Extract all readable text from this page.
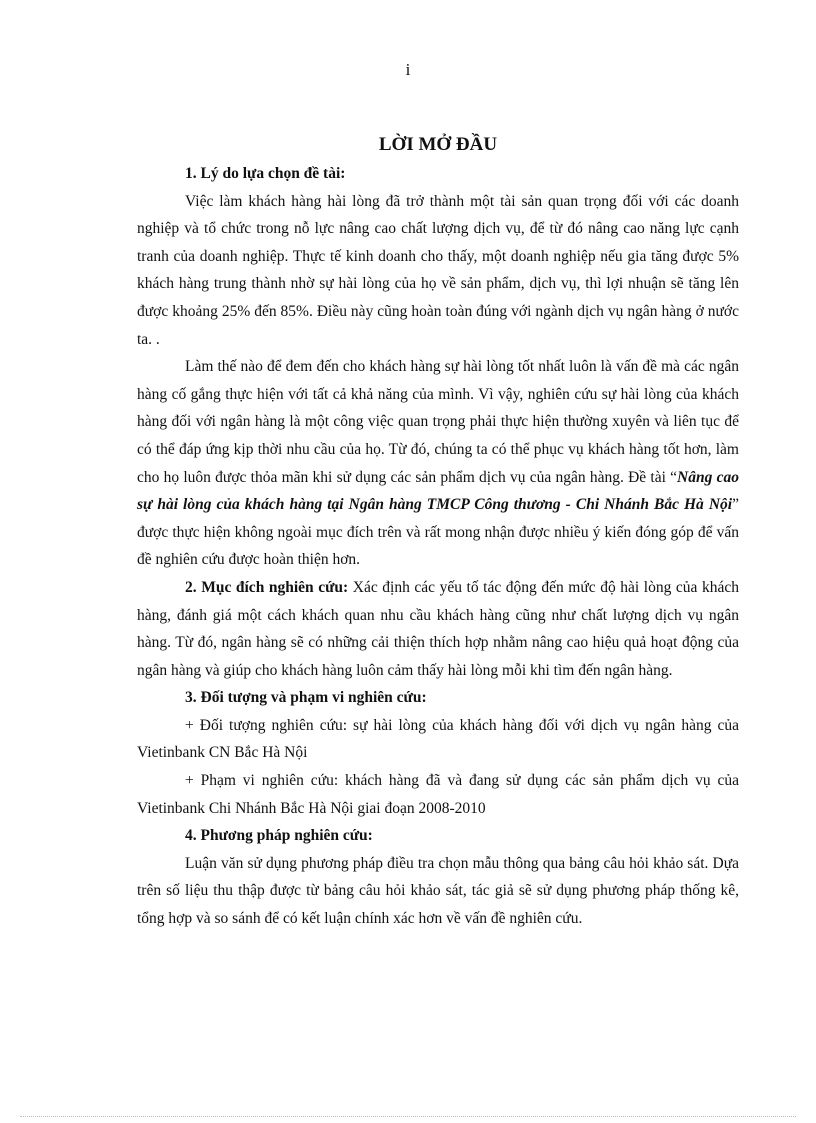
i
LỜI MỞ ĐẦU

1. Lý do lựa chọn đề tài:

Việc làm khách hàng hài lòng đã trở thành một tài sản quan trọng đối với các doanh nghiệp và tổ chức trong nỗ lực nâng cao chất lượng dịch vụ, để từ đó nâng cao năng lực cạnh tranh của doanh nghiệp. Thực tế kinh doanh cho thấy, một doanh nghiệp nếu gia tăng được 5% khách hàng trung thành nhờ sự hài lòng của họ về sản phẩm, dịch vụ, thì lợi nhuận sẽ tăng lên được khoảng 25% đến 85%. Điều này cũng hoàn toàn đúng với ngành dịch vụ ngân hàng ở nước ta. .

Làm thế nào để đem đến cho khách hàng sự hài lòng tốt nhất luôn là vấn đề mà các ngân hàng cố gắng thực hiện với tất cả khả năng của mình. Vì vậy, nghiên cứu sự hài lòng của khách hàng đối với ngân hàng là một công việc quan trọng phải thực hiện thường xuyên và liên tục để có thể đáp ứng kịp thời nhu cầu của họ. Từ đó, chúng ta có thể phục vụ khách hàng tốt hơn, làm cho họ luôn được thỏa mãn khi sử dụng các sản phẩm dịch vụ của ngân hàng. Đề tài “Nâng cao sự hài lòng của khách hàng tại Ngân hàng TMCP Công thương - Chi Nhánh Bắc Hà Nội” được thực hiện không ngoài mục đích trên và rất mong nhận được nhiều ý kiến đóng góp để vấn đề nghiên cứu được hoàn thiện hơn.

2. Mục đích nghiên cứu: Xác định các yếu tố tác động đến mức độ hài lòng của khách hàng, đánh giá một cách khách quan nhu cầu khách hàng cũng như chất lượng dịch vụ ngân hàng. Từ đó, ngân hàng sẽ có những cải thiện thích hợp nhằm nâng cao hiệu quả hoạt động của ngân hàng và giúp cho khách hàng luôn cảm thấy hài lòng mỗi khi tìm đến ngân hàng.

3. Đối tượng và phạm vi nghiên cứu:

+ Đối tượng nghiên cứu: sự hài lòng của khách hàng đối với dịch vụ ngân hàng của Vietinbank CN Bắc Hà Nội

+ Phạm vi nghiên cứu: khách hàng đã và đang sử dụng các sản phẩm dịch vụ của Vietinbank Chi Nhánh Bắc Hà Nội giai đoạn 2008-2010

4. Phương pháp nghiên cứu:

Luận văn sử dụng phương pháp điều tra chọn mẫu thông qua bảng câu hỏi khảo sát. Dựa trên số liệu thu thập được từ bảng câu hỏi khảo sát, tác giả sẽ sử dụng phương pháp thống kê, tổng hợp và so sánh để có kết luận chính xác hơn về vấn đề nghiên cứu.
